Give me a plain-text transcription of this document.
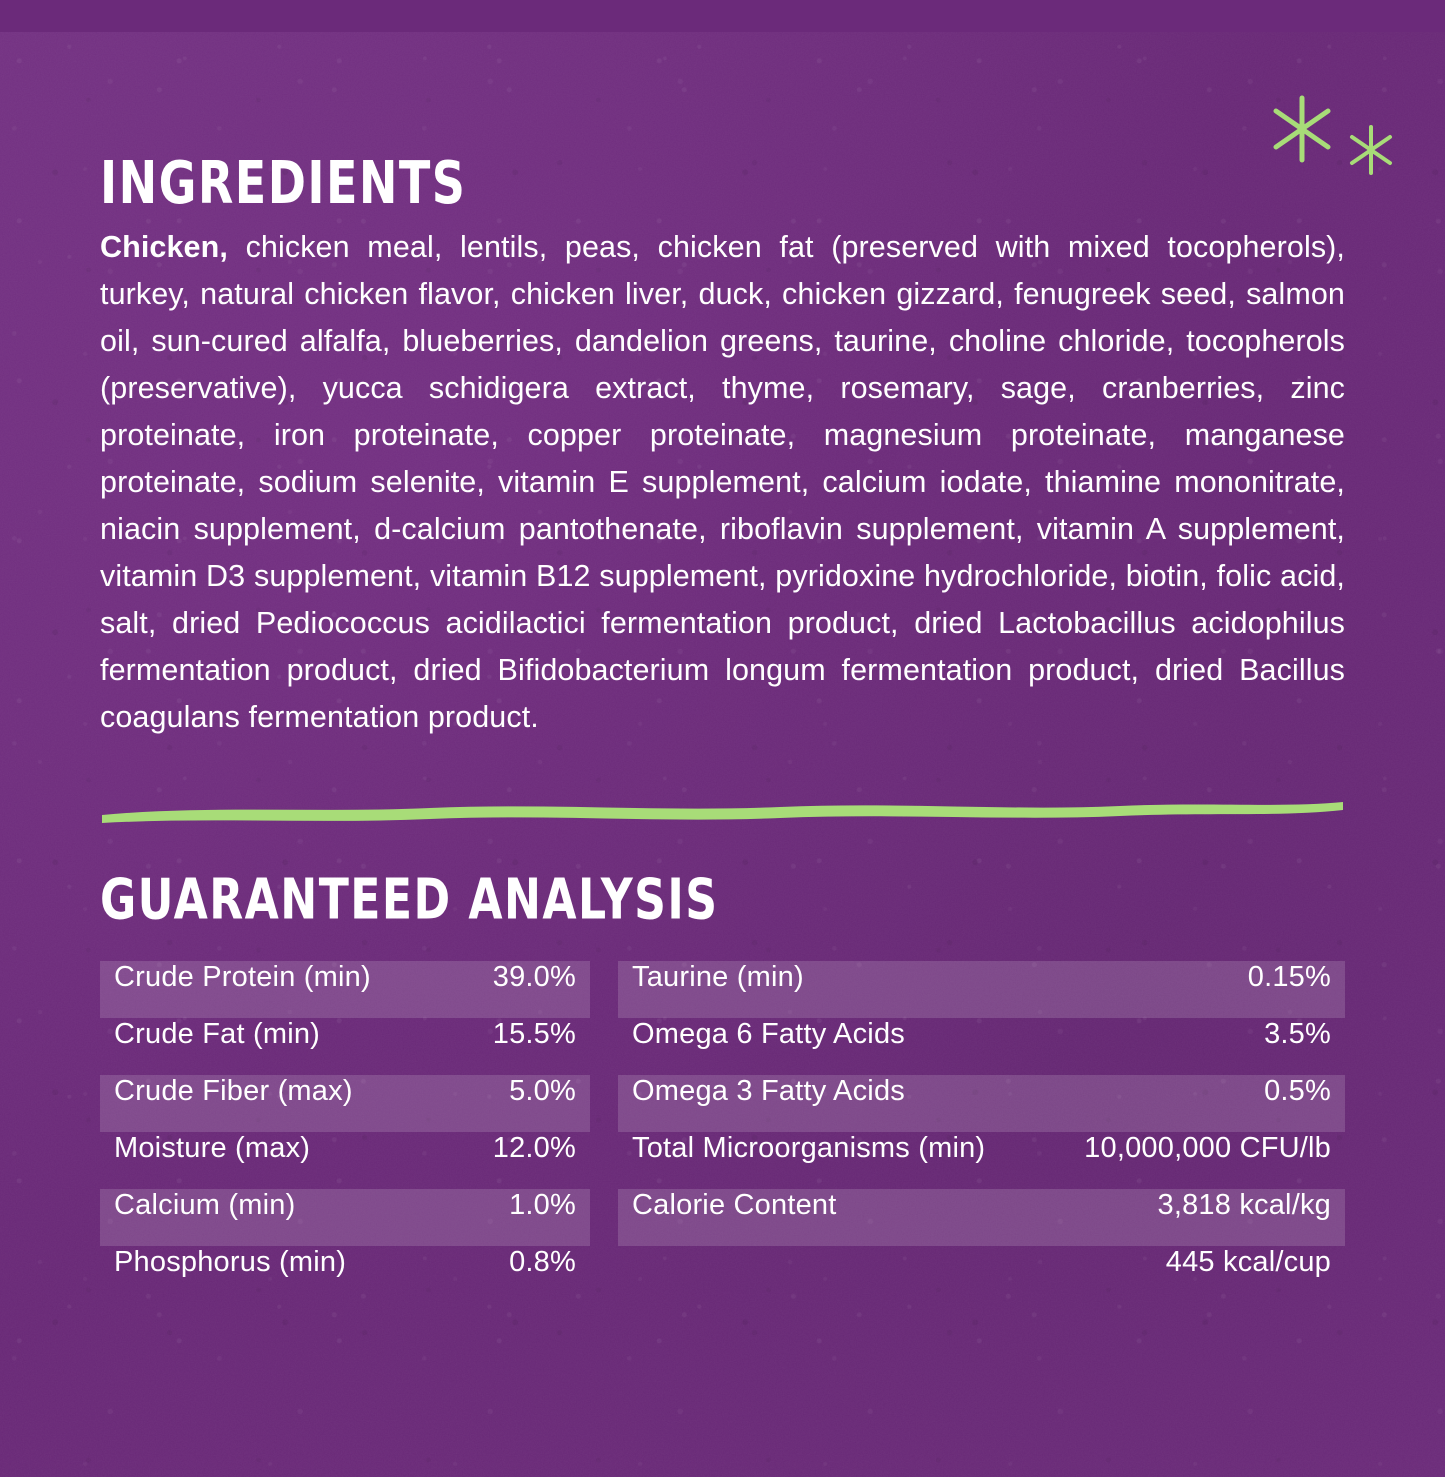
INGREDIENTS

Chicken, chicken meal, lentils, peas, chicken fat (preserved with mixed tocopherols), turkey, natural chicken flavor, chicken liver, duck, chicken gizzard, fenugreek seed, salmon oil, sun-cured alfalfa, blueberries, dandelion greens, taurine, choline chloride, tocopherols (preservative), yucca schidigera extract, thyme, rosemary, sage, cranberries, zinc proteinate, iron proteinate, copper proteinate, magnesium proteinate, manganese proteinate, sodium selenite, vitamin E supplement, calcium iodate, thiamine mononitrate, niacin supplement, d-calcium pantothenate, riboflavin supplement, vitamin A supplement, vitamin D3 supplement, vitamin B12 supplement, pyridoxine hydrochloride, biotin, folic acid, salt, dried Pediococcus acidilactici fermentation product, dried Lactobacillus acidophilus fermentation product, dried Bifidobacterium longum fermentation product, dried Bacillus coagulans fermentation product.

GUARANTEED ANALYSIS
Crude Protein (min)	39.0%
Crude Fat (min)	15.5%
Crude Fiber (max)	5.0%
Moisture (max)	12.0%
Calcium (min)	1.0%
Phosphorus (min)	0.8%
Taurine (min)	0.15%
Omega 6 Fatty Acids	3.5%
Omega 3 Fatty Acids	0.5%
Total Microorganisms (min)	10,000,000 CFU/lb
Calorie Content	3,818 kcal/kg
445 kcal/cup
